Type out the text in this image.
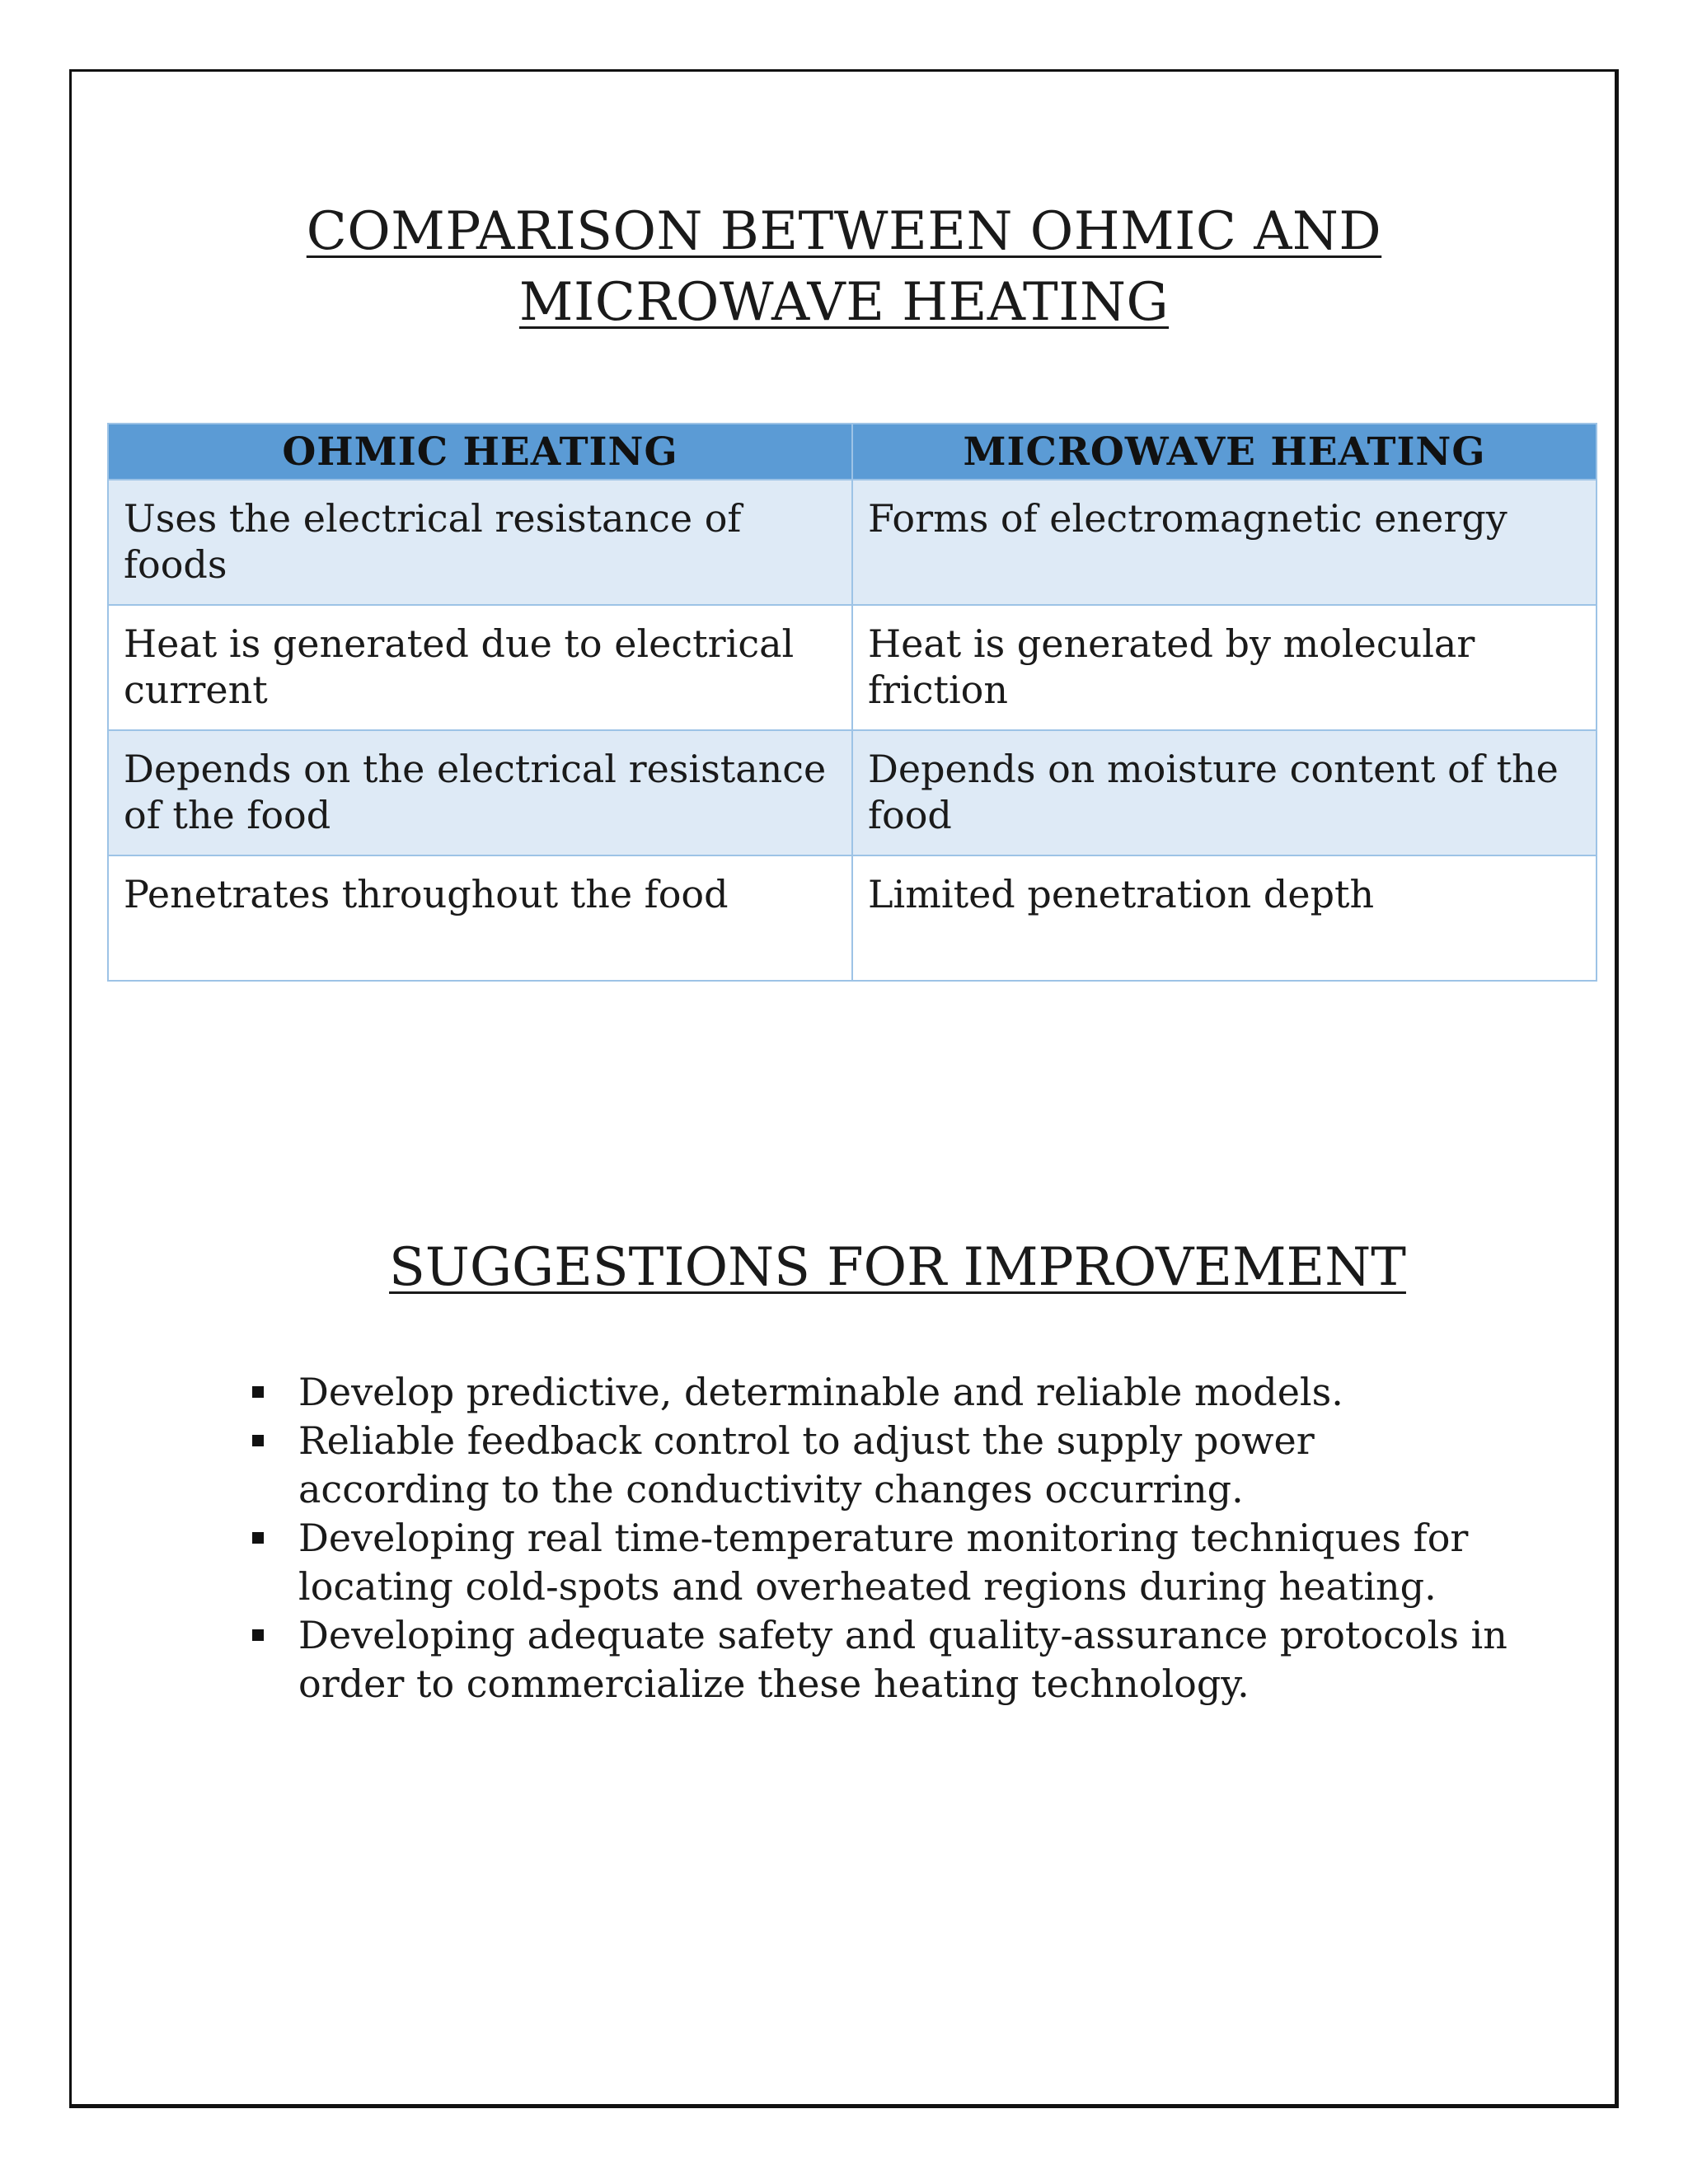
COMPARISON BETWEEN OHMIC AND
MICROWAVE HEATING
OHMIC HEATING	MICROWAVE HEATING
Uses the electrical resistance of foods	Forms of electromagnetic energy
Heat is generated due to electrical current	Heat is generated by molecular friction
Depends on the electrical resistance of the food	Depends on moisture content of the food
Penetrates throughout the food	Limited penetration depth
SUGGESTIONS FOR IMPROVEMENT
Develop predictive, determinable and reliable models.
Reliable feedback control to adjust the supply power according to the conductivity changes occurring.
Developing real time-temperature monitoring techniques for locating cold-spots and overheated regions during heating.
Developing adequate safety and quality-assurance protocols in order to commercialize these heating technology.
